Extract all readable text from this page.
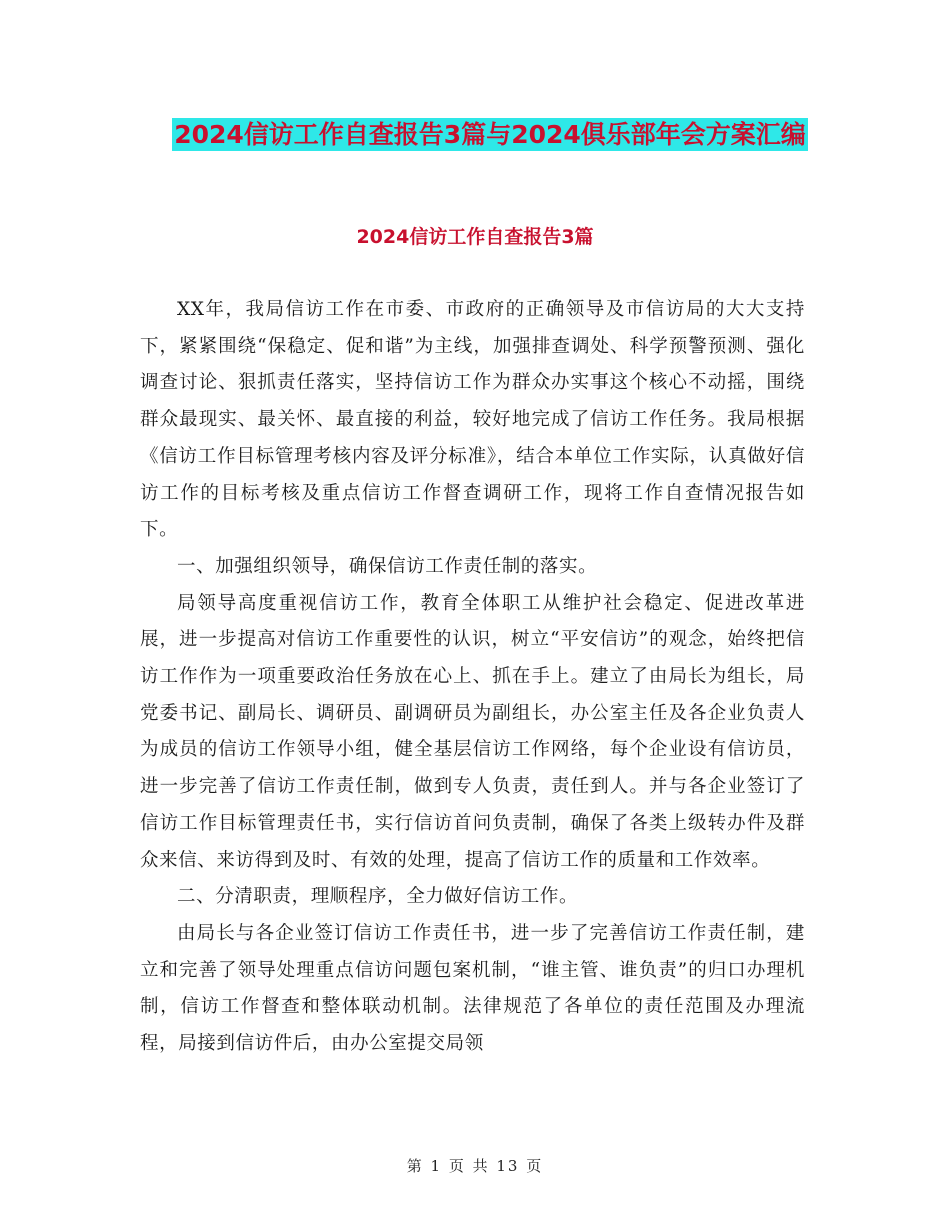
2024信访工作自查报告3篇与2024俱乐部年会方案汇编
2024信访工作自查报告3篇

XX年，我局信访工作在市委、市政府的正确领导及市信访局的大大支持下，紧紧围绕“保稳定、促和谐”为主线，加强排查调处、科学预警预测、强化调查讨论、狠抓责任落实，坚持信访工作为群众办实事这个核心不动摇，围绕群众最现实、最关怀、最直接的利益，较好地完成了信访工作任务。我局根据《信访工作目标管理考核内容及评分标准》，结合本单位工作实际，认真做好信访工作的目标考核及重点信访工作督查调研工作，现将工作自查情况报告如下。

一、加强组织领导，确保信访工作责任制的落实。

局领导高度重视信访工作，教育全体职工从维护社会稳定、促进改革进展，进一步提高对信访工作重要性的认识，树立“平安信访”的观念，始终把信访工作作为一项重要政治任务放在心上、抓在手上。建立了由局长为组长，局党委书记、副局长、调研员、副调研员为副组长，办公室主任及各企业负责人为成员的信访工作领导小组，健全基层信访工作网络，每个企业设有信访员，进一步完善了信访工作责任制，做到专人负责，责任到人。并与各企业签订了信访工作目标管理责任书，实行信访首问负责制，确保了各类上级转办件及群众来信、来访得到及时、有效的处理，提高了信访工作的质量和工作效率。

二、分清职责，理顺程序，全力做好信访工作。

由局长与各企业签订信访工作责任书，进一步了完善信访工作责任制，建立和完善了领导处理重点信访问题包案机制，“谁主管、谁负责”的归口办理机制，信访工作督查和整体联动机制。法律规范了各单位的责任范围及办理流程，局接到信访件后，由办公室提交局领

第 1 页 共 13 页
